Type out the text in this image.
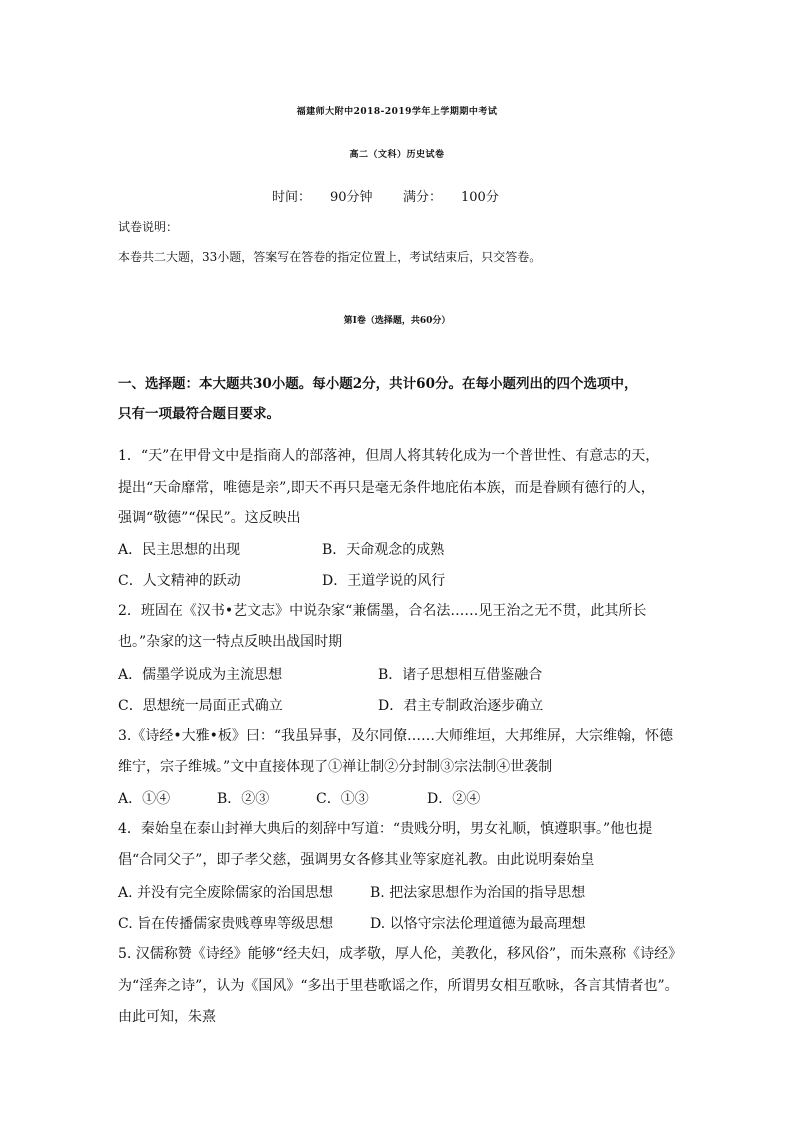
福建师大附中2018-2019学年上学期期中考试
高二（文科）历史试卷
时间： 90分钟 满分： 100分
试卷说明：
本卷共二大题，33小题，答案写在答卷的指定位置上，考试结束后，只交答卷。
第I卷（选择题，共60分）
一、选择题：本大题共30小题。每小题2分，共计60分。在每小题列出的四个选项中，
只有一项最符合题目要求。
1．“天”在甲骨文中是指商人的部落神，但周人将其转化成为一个普世性、有意志的天，
提出“天命靡常，唯德是亲”,即天不再只是毫无条件地庇佑本族，而是眷顾有德行的人，
强调“敬德”“保民”。这反映出
A．民主思想的出现	B．天命观念的成熟
C．人文精神的跃动	D．王道学说的风行
2．班固在《汉书•艺文志》中说杂家“兼儒墨，合名法……见王治之无不贯，此其所长
也。”杂家的这一特点反映出战国时期
A．儒墨学说成为主流思想	B．诸子思想相互借鉴融合
C．思想统一局面正式确立	D．君主专制政治逐步确立
3.《诗经•大雅•板》曰：“我虽异事，及尔同僚……大师维垣，大邦维屏，大宗维翰，怀德
维宁，宗子维城。”文中直接体现了①禅让制②分封制③宗法制④世袭制
A．①④	B．②③	C．①③	D．②④
4．秦始皇在泰山封禅大典后的刻辞中写道：“贵贱分明，男女礼顺，慎遵职事。”他也提
倡“合同父子”，即子孝父慈，强调男女各修其业等家庭礼教。由此说明秦始皇
A. 并没有完全废除儒家的治国思想	B. 把法家思想作为治国的指导思想
C. 旨在传播儒家贵贱尊卑等级思想	D. 以恪守宗法伦理道德为最高理想
5. 汉儒称赞《诗经》能够“经夫妇，成孝敬，厚人伦，美教化，移风俗”，而朱熹称《诗经》
为“淫奔之诗”，认为《国风》“多出于里巷歌谣之作，所谓男女相互歌咏，各言其情者也”。
由此可知，朱熹
